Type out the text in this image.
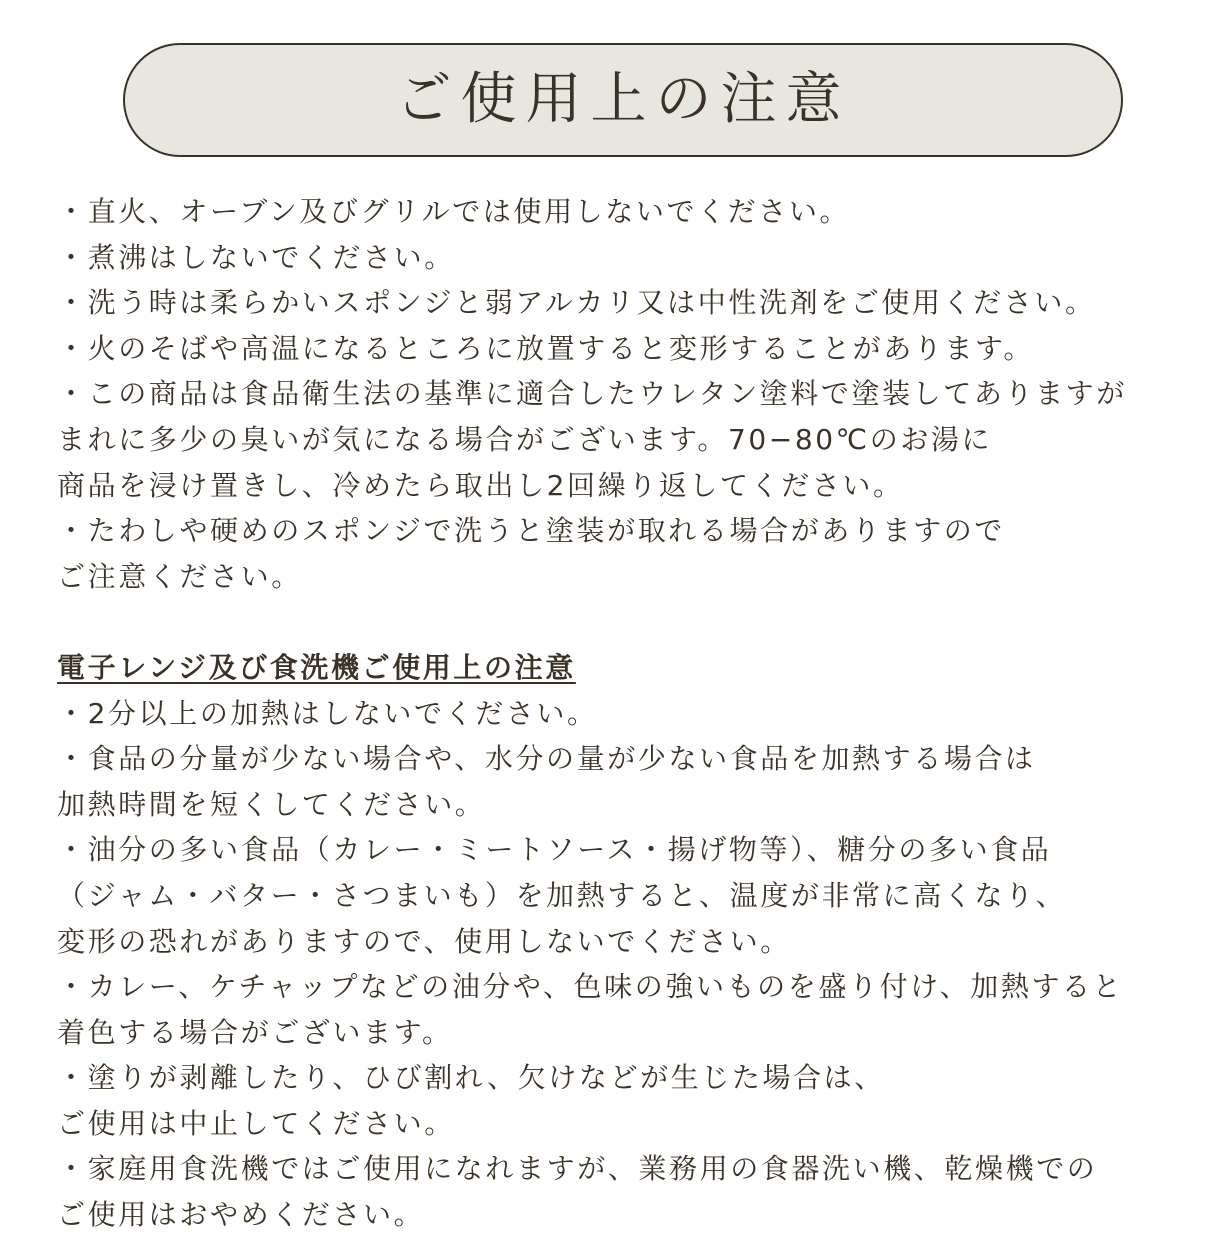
ご使用上の注意
・直火、オーブン及びグリルでは使用しないでください。
・煮沸はしないでください。
・洗う時は柔らかいスポンジと弱アルカリ又は中性洗剤をご使用ください。
・火のそばや高温になるところに放置すると変形することがあります。
・この商品は食品衛生法の基準に適合したウレタン塗料で塗装してありますが
まれに多少の臭いが気になる場合がございます。70−80℃のお湯に
商品を浸け置きし、冷めたら取出し2回繰り返してください。
・たわしや硬めのスポンジで洗うと塗装が取れる場合がありますので
ご注意ください。
電子レンジ及び食洗機ご使用上の注意
・2分以上の加熱はしないでください。
・食品の分量が少ない場合や、水分の量が少ない食品を加熱する場合は
加熱時間を短くしてください。
・油分の多い食品（カレー・ミートソース・揚げ物等）、糖分の多い食品
（ジャム・バター・さつまいも）を加熱すると、温度が非常に高くなり、
変形の恐れがありますので、使用しないでください。
・カレー、ケチャップなどの油分や、色味の強いものを盛り付け、加熱すると
着色する場合がございます。
・塗りが剥離したり、ひび割れ、欠けなどが生じた場合は、
ご使用は中止してください。
・家庭用食洗機ではご使用になれますが、業務用の食器洗い機、乾燥機での
ご使用はおやめください。
